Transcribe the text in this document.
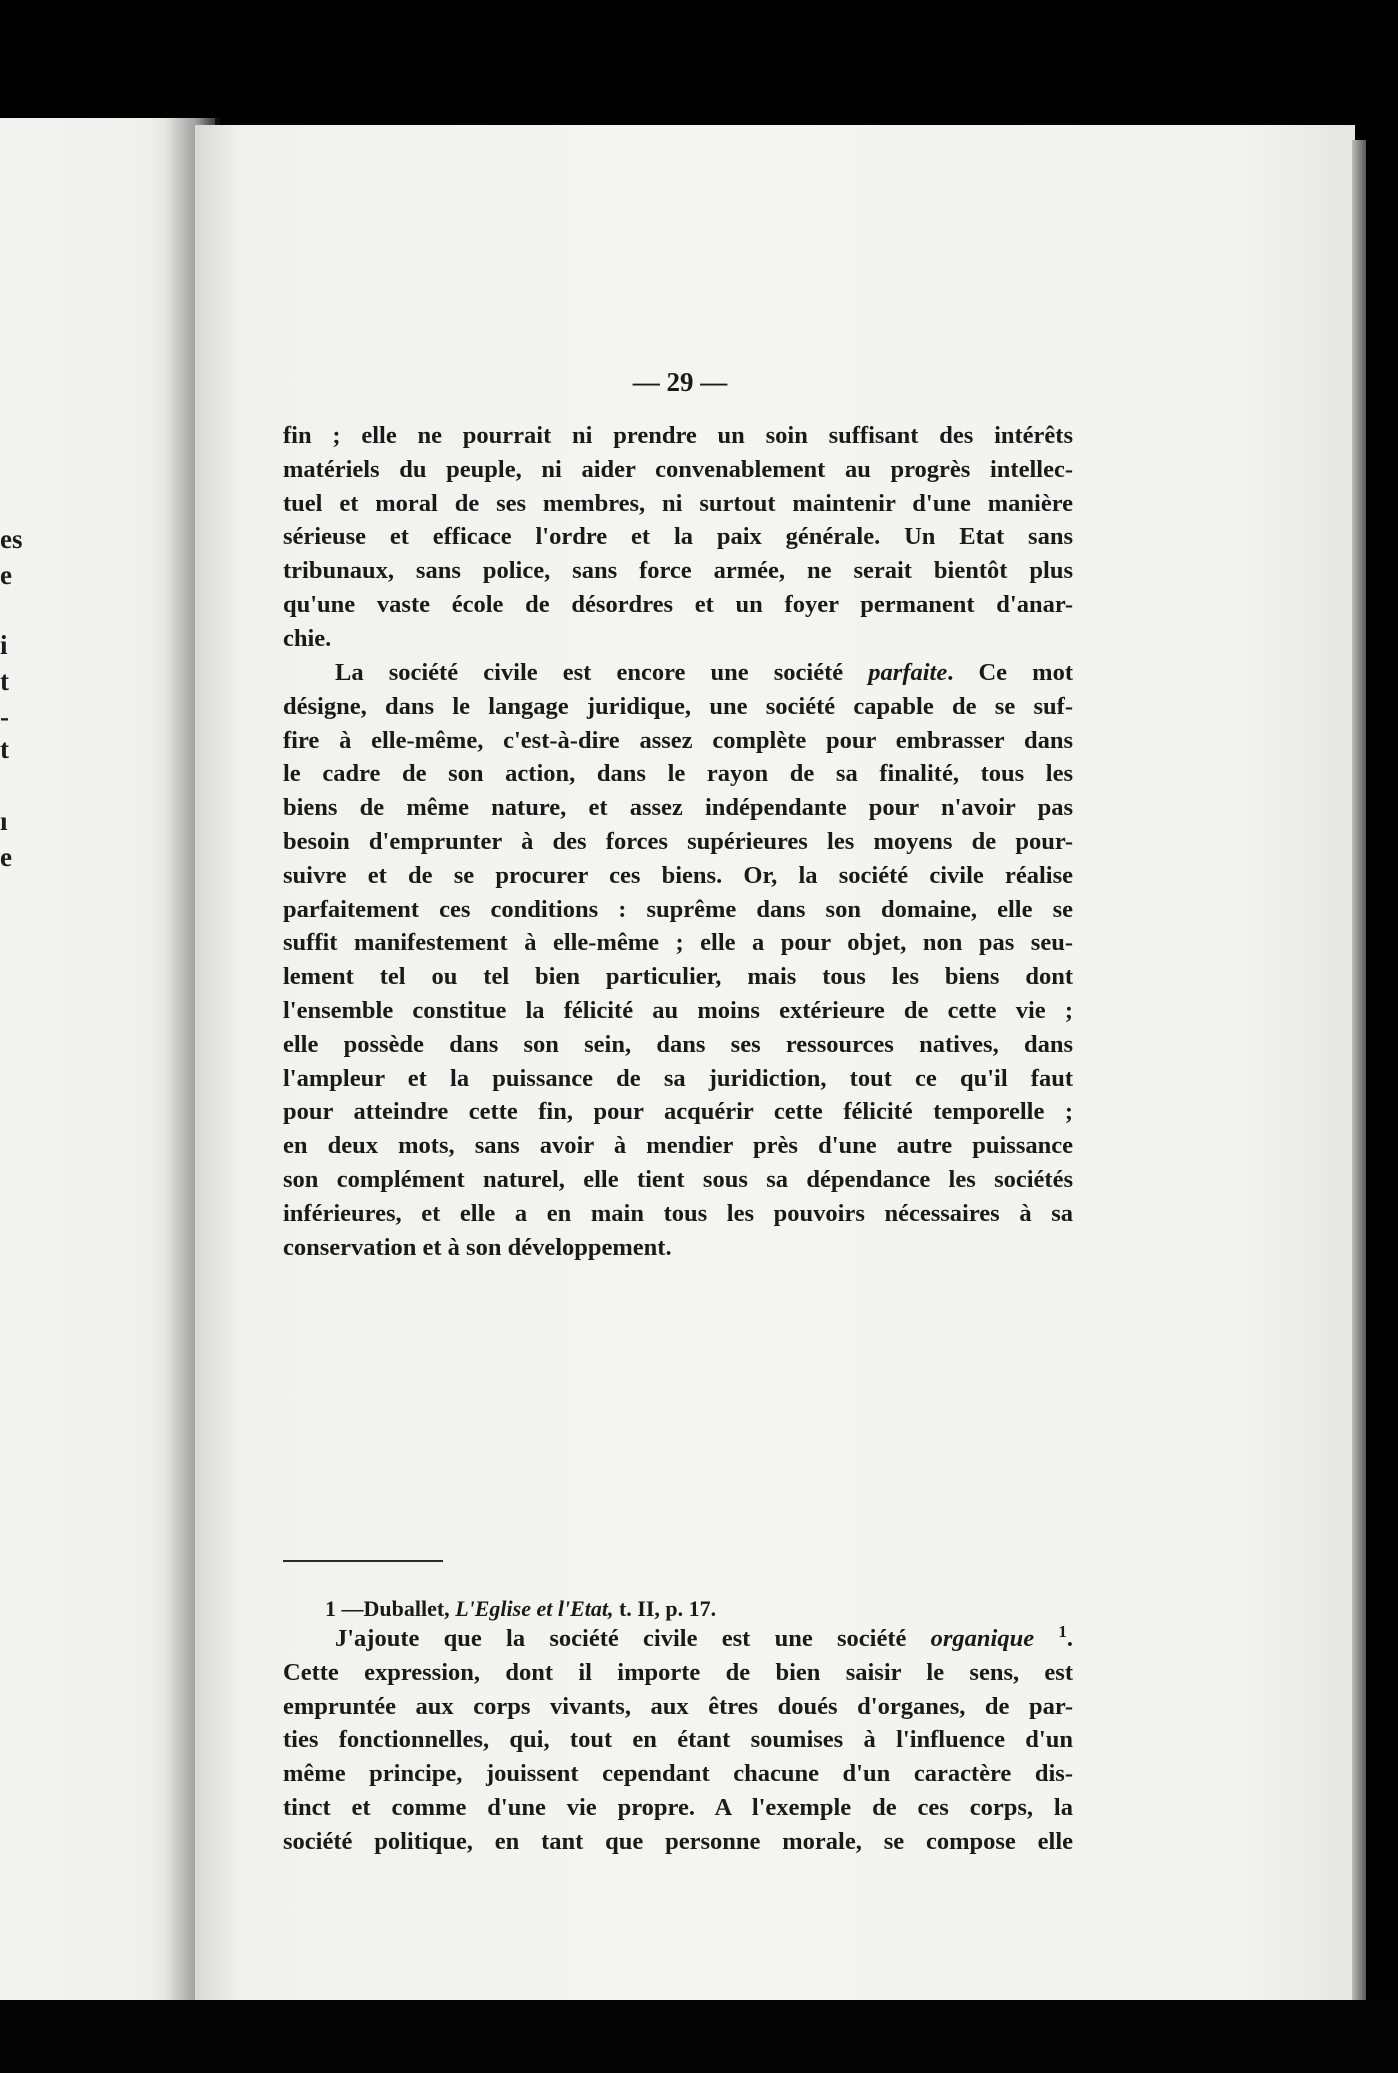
es
e
i
t
-
t
ı
e
— 29 —
fin ; elle ne pourrait ni prendre un soin suffisant des intérêts
matériels du peuple, ni aider convenablement au progrès intellec-
tuel et moral de ses membres, ni surtout maintenir d'une manière
sérieuse et efficace l'ordre et la paix générale. Un Etat sans
tribunaux, sans police, sans force armée, ne serait bientôt plus
qu'une vaste école de désordres et un foyer permanent d'anar-
chie.
La société civile est encore une société parfaite. Ce mot
désigne, dans le langage juridique, une société capable de se suf-
fire à elle-même, c'est-à-dire assez complète pour embrasser dans
le cadre de son action, dans le rayon de sa finalité, tous les
biens de même nature, et assez indépendante pour n'avoir pas
besoin d'emprunter à des forces supérieures les moyens de pour-
suivre et de se procurer ces biens. Or, la société civile réalise
parfaitement ces conditions : suprême dans son domaine, elle se
suffit manifestement à elle-même ; elle a pour objet, non pas seu-
lement tel ou tel bien particulier, mais tous les biens dont
l'ensemble constitue la félicité au moins extérieure de cette vie ;
elle possède dans son sein, dans ses ressources natives, dans
l'ampleur et la puissance de sa juridiction, tout ce qu'il faut
pour atteindre cette fin, pour acquérir cette félicité temporelle ;
en deux mots, sans avoir à mendier près d'une autre puissance
son complément naturel, elle tient sous sa dépendance les sociétés
inférieures, et elle a en main tous les pouvoirs nécessaires à sa
conservation et à son développement.
J'ajoute que la société civile est une société organique $^1$.
Cette expression, dont il importe de bien saisir le sens, est
empruntée aux corps vivants, aux êtres doués d'organes, de par-
ties fonctionnelles, qui, tout en étant soumises à l'influence d'un
même principe, jouissent cependant chacune d'un caractère dis-
tinct et comme d'une vie propre. A l'exemple de ces corps, la
société politique, en tant que personne morale, se compose elle
1 —Duballet, L'Eglise et l'Etat, t. II, p. 17.
